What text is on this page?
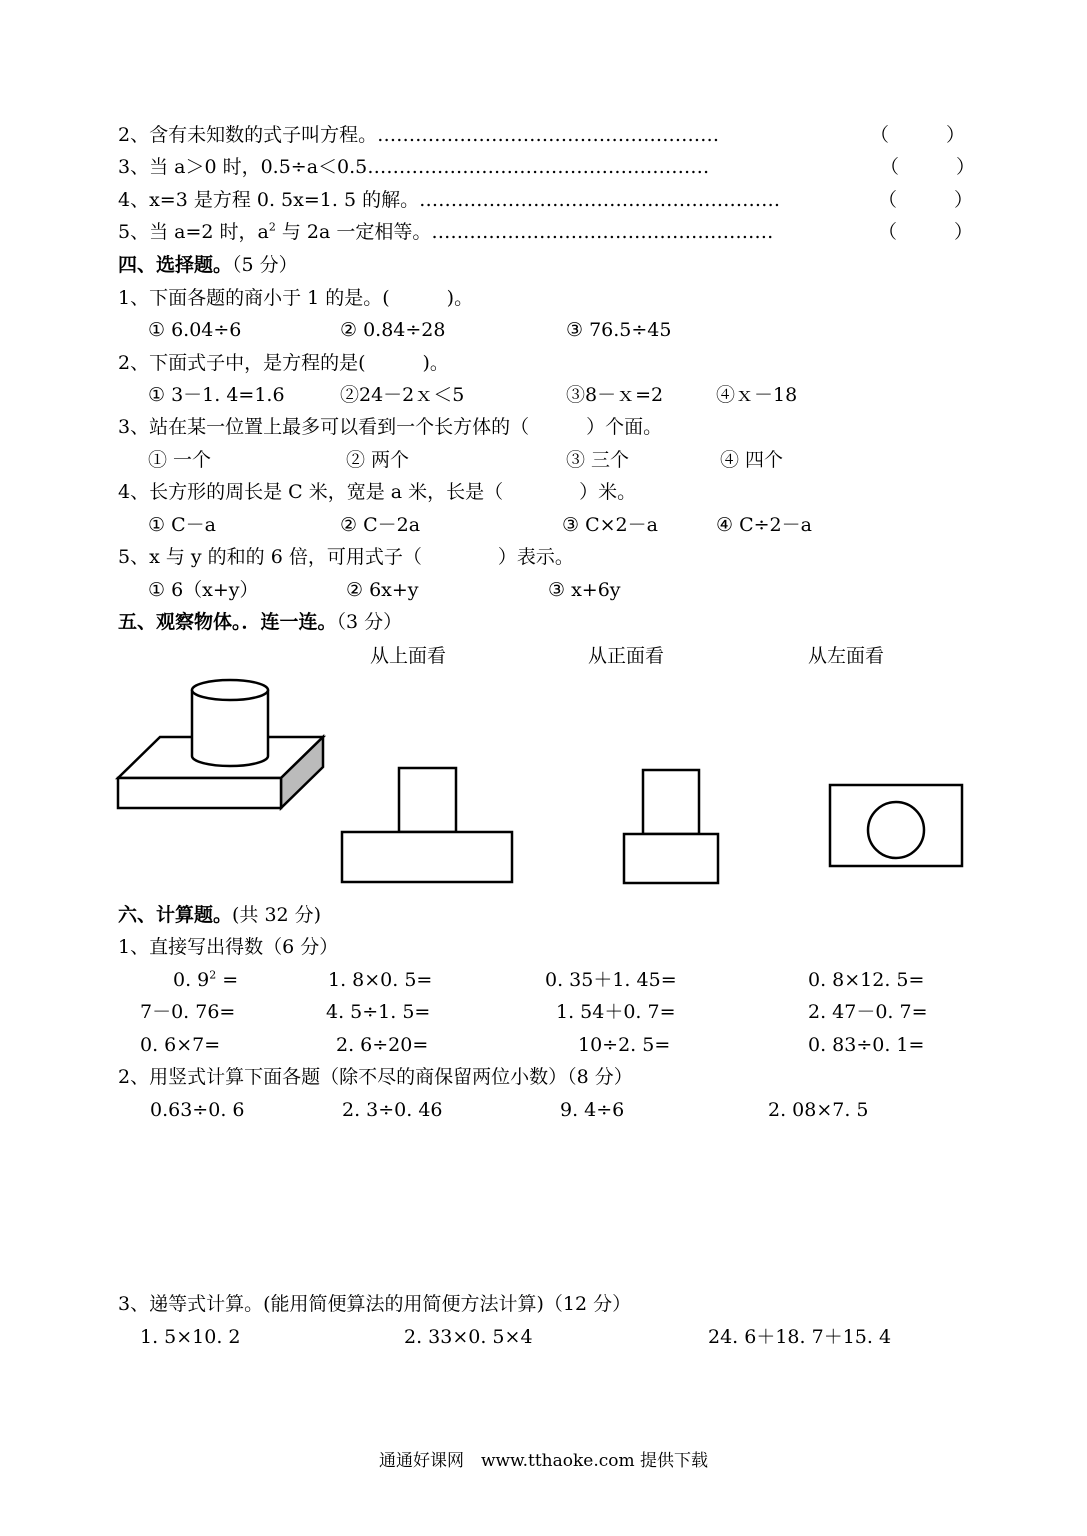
2、含有未知数的式子叫方程。………………………………………………	（　　　）
3、当 a＞0 时，0.5÷a＜0.5………………………………………………	（　　　）
4、x=3 是方程 0. 5x=1. 5 的解。…………………………………………………	（　　　）
5、当 a=2 时，$a^2$ 与 2a 一定相等。………………………………………………	（　　　）
四、选择题。（5 分）
1、下面各题的商小于 1 的是。(　　　)。
① 6.04÷6	② 0.84÷28	③ 76.5÷45
2、下面式子中，是方程的是(　　　)。
① 3－1. 4=1.6	②24－2ｘ＜5	③8－ｘ=2	④ｘ－18
3、站在某一位置上最多可以看到一个长方体的（　　　）个面。
① 一个	② 两个	③ 三个	④ 四个
4、长方形的周长是 C 米，宽是 a 米，长是（　　　　）米。
① C－a	② C－2a	③ C×2－a	④ C÷2－a
5、x 与 y 的和的 6 倍，可用式子（　　　　）表示。
① 6（x+y）	② 6x+y	③ x+6y
五、观察物体。．连一连。（3 分）
从上面看	从正面看	从左面看
六、计算题。(共 32 分)
1、直接写出得数（6 分）
0. $9^2$ =	1. 8×0. 5=	0. 35＋1. 45=	0. 8×12. 5=
7－0. 76=	4. 5÷1. 5=	1. 54＋0. 7=	2. 47－0. 7=
0. 6×7=	2. 6÷20=	10÷2. 5=	0. 83÷0. 1=
2、用竖式计算下面各题（除不尽的商保留两位小数）（8 分）
0.63÷0. 6	2. 3÷0. 46	9. 4÷6	2. 08×7. 5
3、递等式计算。(能用简便算法的用简便方法计算)（12 分）
1. 5×10. 2	2. 33×0. 5×4	24. 6＋18. 7＋15. 4
通通好课网　www.tthaoke.com 提供下载
